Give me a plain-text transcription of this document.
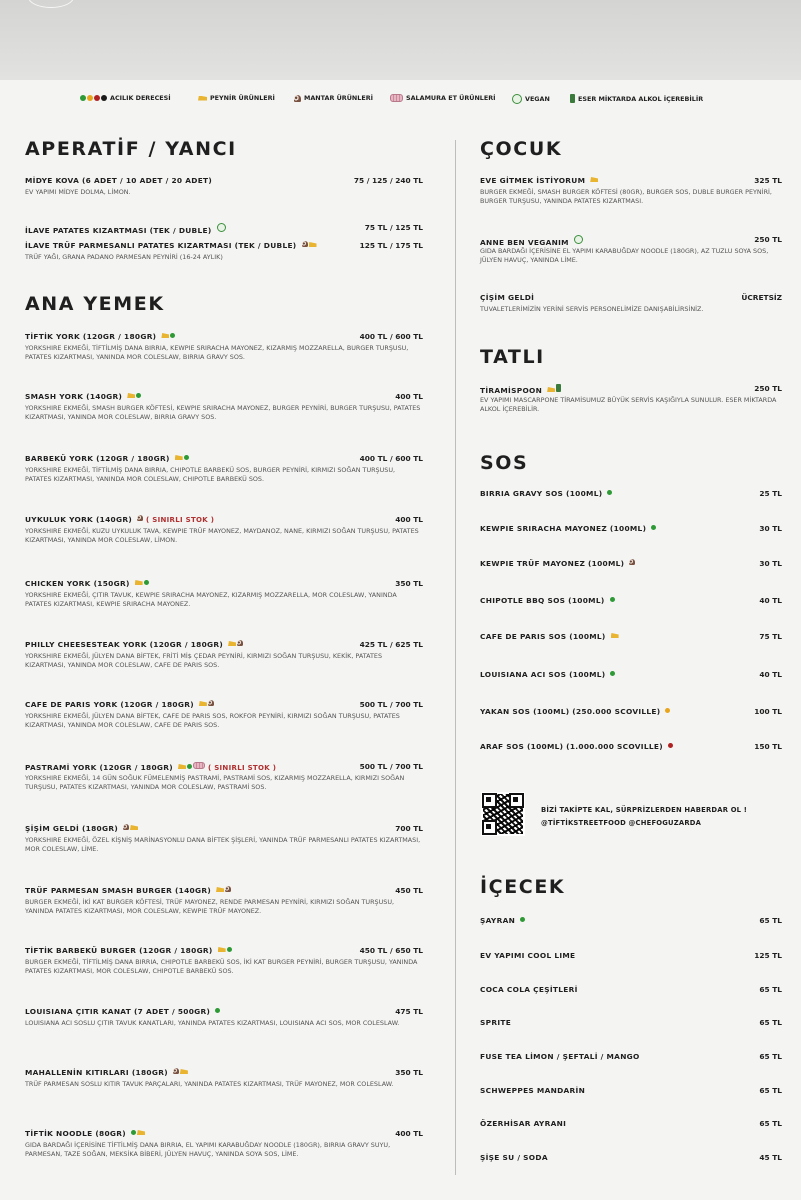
ACILIK DERECESİ	PEYNİR ÜRÜNLERİ	MANTAR ÜRÜNLERİ	SALAMURA ET ÜRÜNLERİ	VEGAN	ESER MİKTARDA ALKOL İÇEREBİLİR
APERATİF / YANCI
ANA YEMEK
ÇOCUK
TATLI
SOS
İÇECEK
MİDYE KOVA (6 ADET / 10 ADET / 20 ADET)	75 / 125 / 240 TL
EV YAPIMI MİDYE DOLMA, LİMON.
İLAVE PATATES KIZARTMASI (TEK / DUBLE)	75 TL / 125 TL
İLAVE TRÜF PARMESANLI PATATES KIZARTMASI (TEK / DUBLE)	125 TL / 175 TL
TRÜF YAĞI, GRANA PADANO PARMESAN PEYNİRİ (16-24 AYLIK)
TİFTİK YORK (120GR / 180GR)	400 TL / 600 TL
YORKSHIRE EKMEĞİ, TİFTİLMİŞ DANA BIRRIA, KEWPIE SRIRACHA MAYONEZ, KIZARMIŞ MOZZARELLA, BURGER TURŞUSU, PATATES KIZARTMASI, YANINDA MOR COLESLAW, BIRRIA GRAVY SOS.
SMASH YORK (140GR)	400 TL
YORKSHIRE EKMEĞİ, SMASH BURGER KÖFTESİ, KEWPIE SRIRACHA MAYONEZ, BURGER PEYNİRİ, BURGER TURŞUSU, PATATES KIZARTMASI, YANINDA MOR COLESLAW, BIRRIA GRAVY SOS.
BARBEKÜ YORK (120GR / 180GR)	400 TL / 600 TL
YORKSHIRE EKMEĞİ, TİFTİLMİŞ DANA BIRRIA, CHIPOTLE BARBEKÜ SOS, BURGER PEYNİRİ, KIRMIZI SOĞAN TURŞUSU, PATATES KIZARTMASI, YANINDA MOR COLESLAW, CHIPOTLE BARBEKÜ SOS.
UYKULUK YORK (140GR) ( SINIRLI STOK )	400 TL
YORKSHIRE EKMEĞİ, KUZU UYKULUK TAVA, KEWPIE TRÜF MAYONEZ, MAYDANOZ, NANE, KIRMIZI SOĞAN TURŞUSU, PATATES KIZARTMASI, YANINDA MOR COLESLAW, LİMON.
CHICKEN YORK (150GR)	350 TL
YORKSHIRE EKMEĞİ, ÇITIR TAVUK, KEWPIE SRIRACHA MAYONEZ, KIZARMIŞ MOZZARELLA, MOR COLESLAW, YANINDA PATATES KIZARTMASI, KEWPIE SRIRACHA MAYONEZ.
PHILLY CHEESESTEAK YORK (120GR / 180GR)	425 TL / 625 TL
YORKSHIRE EKMEĞİ, JÜLYEN DANA BİFTEK, FRİTİ Mİ$ ÇEDAR PEYNİRİ, KIRMIZI SOĞAN TURŞUSU, KEKİK, PATATES KIZARTMASI, YANINDA MOR COLESLAW, CAFE DE PARIS SOS.
CAFE DE PARIS YORK (120GR / 180GR)	500 TL / 700 TL
YORKSHIRE EKMEĞİ, JÜLYEN DANA BİFTEK, CAFE DE PARIS SOS, ROKFOR PEYNİRİ, KIRMIZI SOĞAN TURŞUSU, PATATES KIZARTMASI, YANINDA MOR COLESLAW, CAFE DE PARIS SOS.
PASTRAMİ YORK (120GR / 180GR)	( SINIRLI STOK )	500 TL / 700 TL
YORKSHIRE EKMEĞİ, 14 GÜN SOĞUK FÜMELENMİŞ PASTRAMİ, PASTRAMİ SOS, KIZARMIŞ MOZZARELLA, KIRMIZI SOĞAN TURŞUSU, PATATES KIZARTMASI, YANINDA MOR COLESLAW, PASTRAMİ SOS.
ŞİŞİM GELDİ (180GR)	700 TL
YORKSHIRE EKMEĞİ, ÖZEL KİŞNİŞ MARİNASYONLU DANA BİFTEK ŞİŞLERİ, YANINDA TRÜF PARMESANLI PATATES KIZARTMASI, MOR COLESLAW, LİME.
TRÜF PARMESAN SMASH BURGER (140GR)	450 TL
BURGER EKMEĞİ, İKİ KAT BURGER KÖFTESİ, TRÜF MAYONEZ, RENDE PARMESAN PEYNİRİ, KIRMIZI SOĞAN TURŞUSU, YANINDA PATATES KIZARTMASI, MOR COLESLAW, KEWPIE TRÜF MAYONEZ.
TİFTİK BARBEKÜ BURGER (120GR / 180GR)	450 TL / 650 TL
BURGER EKMEĞİ, TİFTİLMİŞ DANA BIRRIA, CHIPOTLE BARBEKÜ SOS, İKİ KAT BURGER PEYNİRİ, BURGER TURŞUSU, YANINDA PATATES KIZARTMASI, MOR COLESLAW, CHIPOTLE BARBEKÜ SOS.
LOUISIANA ÇITIR KANAT (7 ADET / 500GR)	475 TL
LOUISIANA ACI SOSLU ÇITIR TAVUK KANATLARI, YANINDA PATATES KIZARTMASI, LOUISIANA ACI SOS, MOR COLESLAW.
MAHALLENİN KITIRLARI (180GR)	350 TL
TRÜF PARMESAN SOSLU KITIR TAVUK PARÇALARI, YANINDA PATATES KIZARTMASI, TRÜF MAYONEZ, MOR COLESLAW.
TİFTİK NOODLE (80GR)	400 TL
GIDA BARDAĞI İÇERİSİNE TİFTİLMİŞ DANA BIRRIA, EL YAPIMI KARABUĞDAY NOODLE (180GR), BIRRIA GRAVY SUYU, PARMESAN, TAZE SOĞAN, MEKSİKA BİBERİ, JÜLYEN HAVUÇ, YANINDA SOYA SOS, LİME.
EVE GİTMEK İSTİYORUM	325 TL
BURGER EKMEĞİ, SMASH BURGER KÖFTESİ (80GR), BURGER SOS, DUBLE BURGER PEYNİRİ, BURGER TURŞUSU, YANINDA PATATES KIZARTMASI.
ANNE BEN VEGANIM	250 TL
GIDA BARDAĞI İÇERİSİNE EL YAPIMI KARABUĞDAY NOODLE (180GR), AZ TUZLU SOYA SOS, JÜLYEN HAVUÇ, YANINDA LİME.
ÇİŞİM GELDİ	ÜCRETSİZ
TUVALETLERİMİZİN YERİNİ SERVİS PERSONELİMİZE DANIŞABİLİRSİNİZ.
TİRAMİSPOON	250 TL
EV YAPIMI MASCARPONE TİRAMİSUMUZ BÜYÜK SERVİS KAŞIĞIYLA SUNULUR. ESER MİKTARDA ALKOL İÇEREBİLİR.
BIRRIA GRAVY SOS (100ML)	25 TL
KEWPIE SRIRACHA MAYONEZ (100ML)	30 TL
KEWPIE TRÜF MAYONEZ (100ML)	30 TL
CHIPOTLE BBQ SOS (100ML)	40 TL
CAFE DE PARIS SOS (100ML)	75 TL
LOUISIANA ACI SOS (100ML)	40 TL
YAKAN SOS (100ML) (250.000 SCOVILLE)	100 TL
ARAF SOS (100ML) (1.000.000 SCOVILLE)	150 TL
BİZİ TAKİPTE KAL, SÜRPRİZLERDEN HABERDAR OL !
@TİFTİKSTREETFOOD @CHEFOGUZARDA
ŞAYRAN	65 TL
EV YAPIMI COOL LIME	125 TL
COCA COLA ÇEŞİTLERİ	65 TL
SPRITE	65 TL
FUSE TEA LİMON / ŞEFTALİ / MANGO	65 TL
SCHWEPPES MANDARİN	65 TL
ÖZERHİSAR AYRANI	65 TL
ŞİŞE SU / SODA	45 TL
